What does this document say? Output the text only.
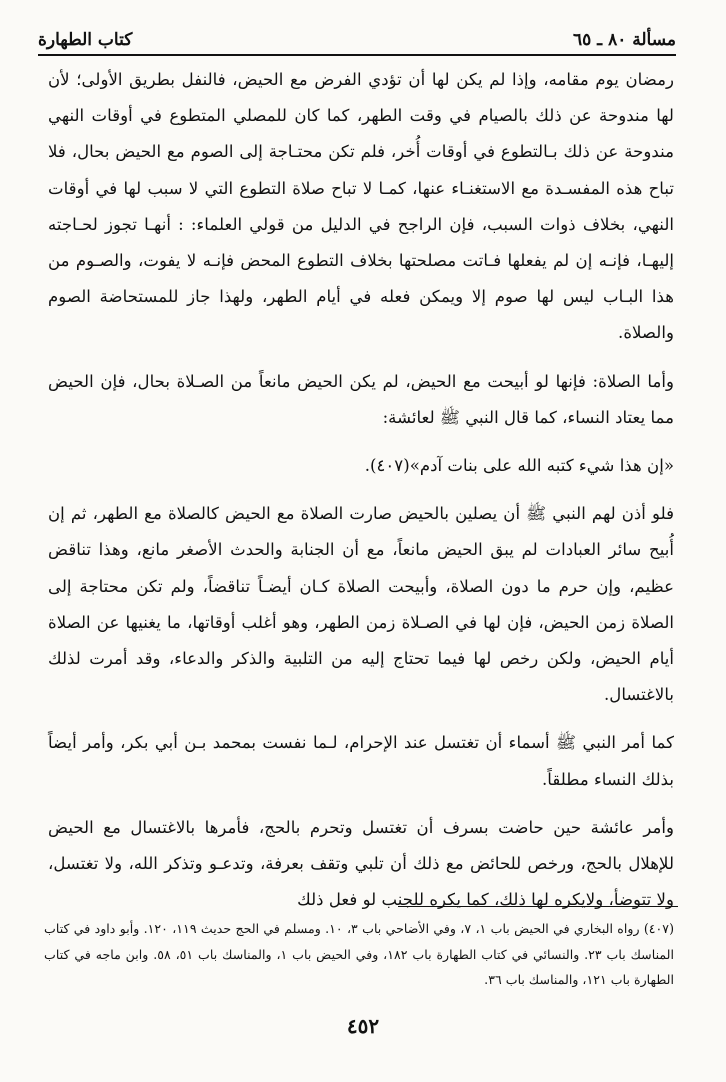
مسألة ٨٠ ـ ٦٥
كتاب الطهارة

رمضان يوم مقامه، وإذا لم يكن لها أن تؤدي الفرض مع الحيض، فالنفل بطريق الأولى؛ لأن لها مندوحة عن ذلك بالصيام في وقت الطهر، كما كان للمصلي المتطوع في أوقات النهي مندوحة عن ذلك بـالتطوع في أوقات أُخر، فلم تكن محتـاجة إلى الصوم مع الحيض بحال، فلا تباح هذه المفسـدة مع الاستغنـاء عنها، كمـا لا تباح صلاة التطوع التي لا سبب لها في أوقات النهي، بخلاف ذوات السبب، فإن الراجح في الدليل من قولي العلماء: : أنهـا تجوز لحـاجته إليهـا، فإنـه إن لم يفعلها فـاتت مصلحتها بخلاف التطوع المحض فإنـه لا يفوت، والصـوم من هذا البـاب ليس لها صوم إلا ويمكن فعله في أيام الطهر، ولهذا جاز للمستحاضة الصوم والصلاة.

وأما الصلاة: فإنها لو أبيحت مع الحيض، لم يكن الحيض مانعاً من الصـلاة بحال، فإن الحيض مما يعتاد النساء، كما قال النبي ﷺ لعائشة:

«إن هذا شيء كتبه الله على بنات آدم»(٤٠٧).

فلو أذن لهم النبي ﷺ أن يصلين بالحيض صارت الصلاة مع الحيض كالصلاة مع الطهر، ثم إن أُبيح سائر العبادات لم يبق الحيض مانعاً، مع أن الجنابة والحدث الأصغر مانع، وهذا تناقض عظيم، وإن حرم ما دون الصلاة، وأبيحت الصلاة كـان أيضـاً تناقضاً، ولم تكن محتاجة إلى الصلاة زمن الحيض، فإن لها في الصـلاة زمن الطهر، وهو أغلب أوقاتها، ما يغنيها عن الصلاة أيام الحيض، ولكن رخص لها فيما تحتاج إليه من التلبية والذكر والدعاء، وقد أمرت لذلك بالاغتسال.

كما أمر النبي ﷺ أسماء أن تغتسل عند الإحرام، لـما نفست بمحمد بـن أبي بكر، وأمر أيضاً بذلك النساء مطلقاً.

وأمر عائشة حين حاضت بسرف أن تغتسل وتحرم بالحج، فأمرها بالاغتسال مع الحيض للإهلال بالحج، ورخص للحائض مع ذلك أن تلبي وتقف بعرفة، وتدعـو وتذكر الله، ولا تغتسل، ولا تتوضأ، ولايكره لها ذلك، كما يكره للجنب لو فعل ذلك

(٤٠٧) رواه البخاري في الحيض باب ١، ٧، وفي الأضاحي باب ٣، ١٠. ومسلم في الحج حديث ١١٩، ١٢٠. وأبو داود في كتاب المناسك باب ٢٣. والنسائي في كتاب الطهارة باب ١٨٢، وفي الحيض باب ١، والمناسك باب ٥١، ٥٨. وابن ماجه في كتاب الطهارة باب ١٢١، والمناسك باب ٣٦.

٤٥٢
